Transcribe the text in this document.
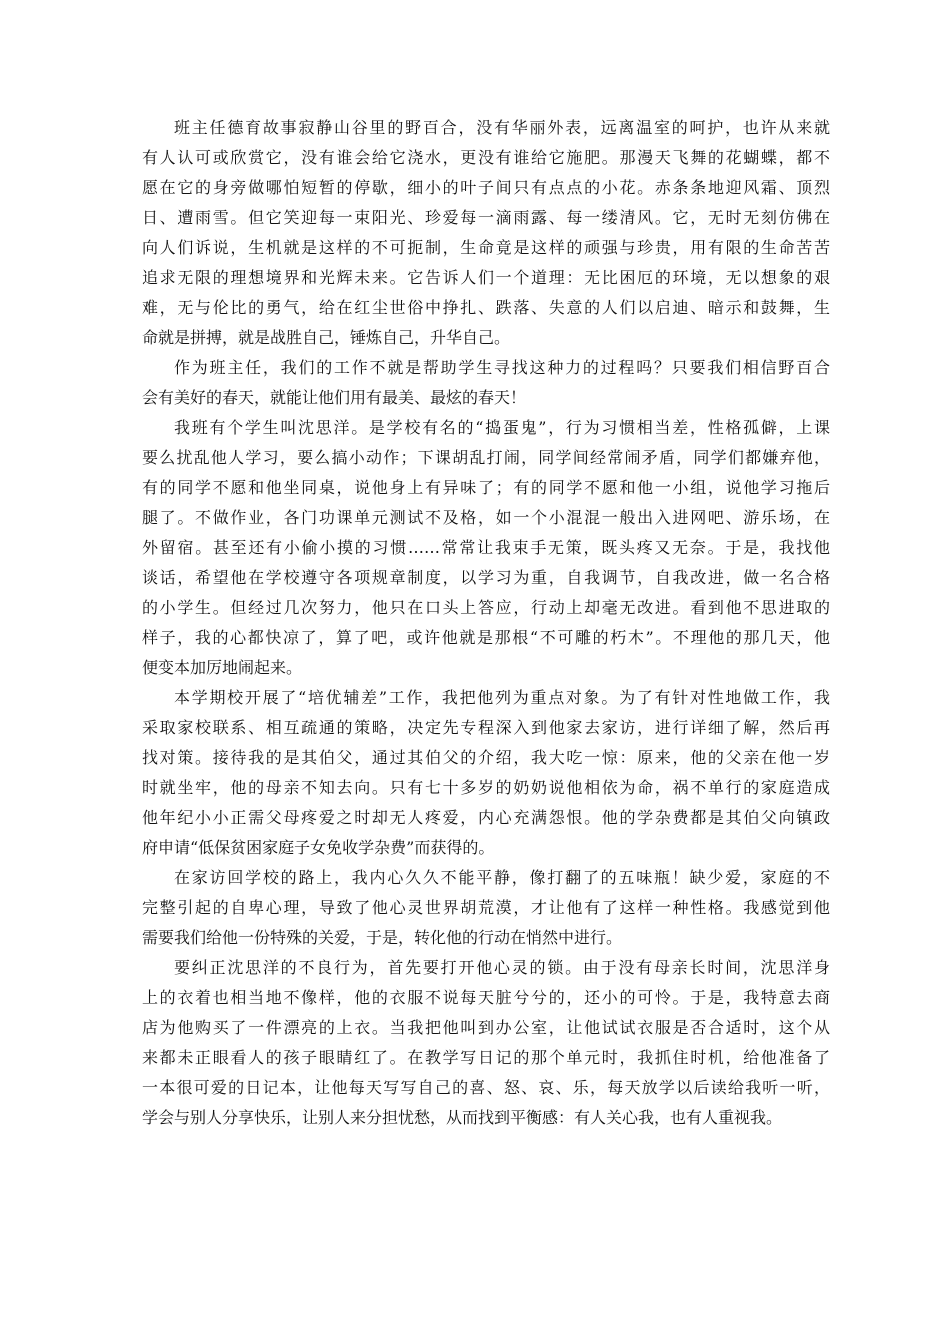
班主任德育故事寂静山谷里的野百合，没有华丽外表，远离温室的呵护，也许从来就
有人认可或欣赏它，没有谁会给它浇水，更没有谁给它施肥。那漫天飞舞的花蝴蝶，都不
愿在它的身旁做哪怕短暂的停歇，细小的叶子间只有点点的小花。赤条条地迎风霜、顶烈
日、遭雨雪。但它笑迎每一束阳光、珍爱每一滴雨露、每一缕清风。它，无时无刻仿佛在
向人们诉说，生机就是这样的不可扼制，生命竟是这样的顽强与珍贵，用有限的生命苦苦
追求无限的理想境界和光辉未来。它告诉人们一个道理：无比困厄的环境，无以想象的艰
难，无与伦比的勇气，给在红尘世俗中挣扎、跌落、失意的人们以启迪、暗示和鼓舞，生
命就是拼搏，就是战胜自己，锤炼自己，升华自己。
作为班主任，我们的工作不就是帮助学生寻找这种力的过程吗？只要我们相信野百合
会有美好的春天，就能让他们用有最美、最炫的春天！
我班有个学生叫沈思洋。是学校有名的“捣蛋鬼”，行为习惯相当差，性格孤僻，上课
要么扰乱他人学习，要么搞小动作；下课胡乱打闹，同学间经常闹矛盾，同学们都嫌弃他，
有的同学不愿和他坐同桌，说他身上有异味了；有的同学不愿和他一小组，说他学习拖后
腿了。不做作业，各门功课单元测试不及格，如一个小混混一般出入进网吧、游乐场，在
外留宿。甚至还有小偷小摸的习惯……常常让我束手无策，既头疼又无奈。于是，我找他
谈话，希望他在学校遵守各项规章制度，以学习为重，自我调节，自我改进，做一名合格
的小学生。但经过几次努力，他只在口头上答应，行动上却毫无改进。看到他不思进取的
样子，我的心都快凉了，算了吧，或许他就是那根“不可雕的朽木”。不理他的那几天，他
便变本加厉地闹起来。
本学期校开展了“培优辅差”工作，我把他列为重点对象。为了有针对性地做工作，我
采取家校联系、相互疏通的策略，决定先专程深入到他家去家访，进行详细了解，然后再
找对策。接待我的是其伯父，通过其伯父的介绍，我大吃一惊：原来，他的父亲在他一岁
时就坐牢，他的母亲不知去向。只有七十多岁的奶奶说他相依为命，祸不单行的家庭造成
他年纪小小正需父母疼爱之时却无人疼爱，内心充满怨恨。他的学杂费都是其伯父向镇政
府申请“低保贫困家庭子女免收学杂费”而获得的。
在家访回学校的路上，我内心久久不能平静，像打翻了的五味瓶！缺少爱，家庭的不
完整引起的自卑心理，导致了他心灵世界胡荒漠，才让他有了这样一种性格。我感觉到他
需要我们给他一份特殊的关爱，于是，转化他的行动在悄然中进行。
要纠正沈思洋的不良行为，首先要打开他心灵的锁。由于没有母亲长时间，沈思洋身
上的衣着也相当地不像样，他的衣服不说每天脏兮兮的，还小的可怜。于是，我特意去商
店为他购买了一件漂亮的上衣。当我把他叫到办公室，让他试试衣服是否合适时，这个从
来都未正眼看人的孩子眼睛红了。在教学写日记的那个单元时，我抓住时机，给他准备了
一本很可爱的日记本，让他每天写写自己的喜、怒、哀、乐，每天放学以后读给我听一听，
学会与别人分享快乐，让别人来分担忧愁，从而找到平衡感：有人关心我，也有人重视我。
